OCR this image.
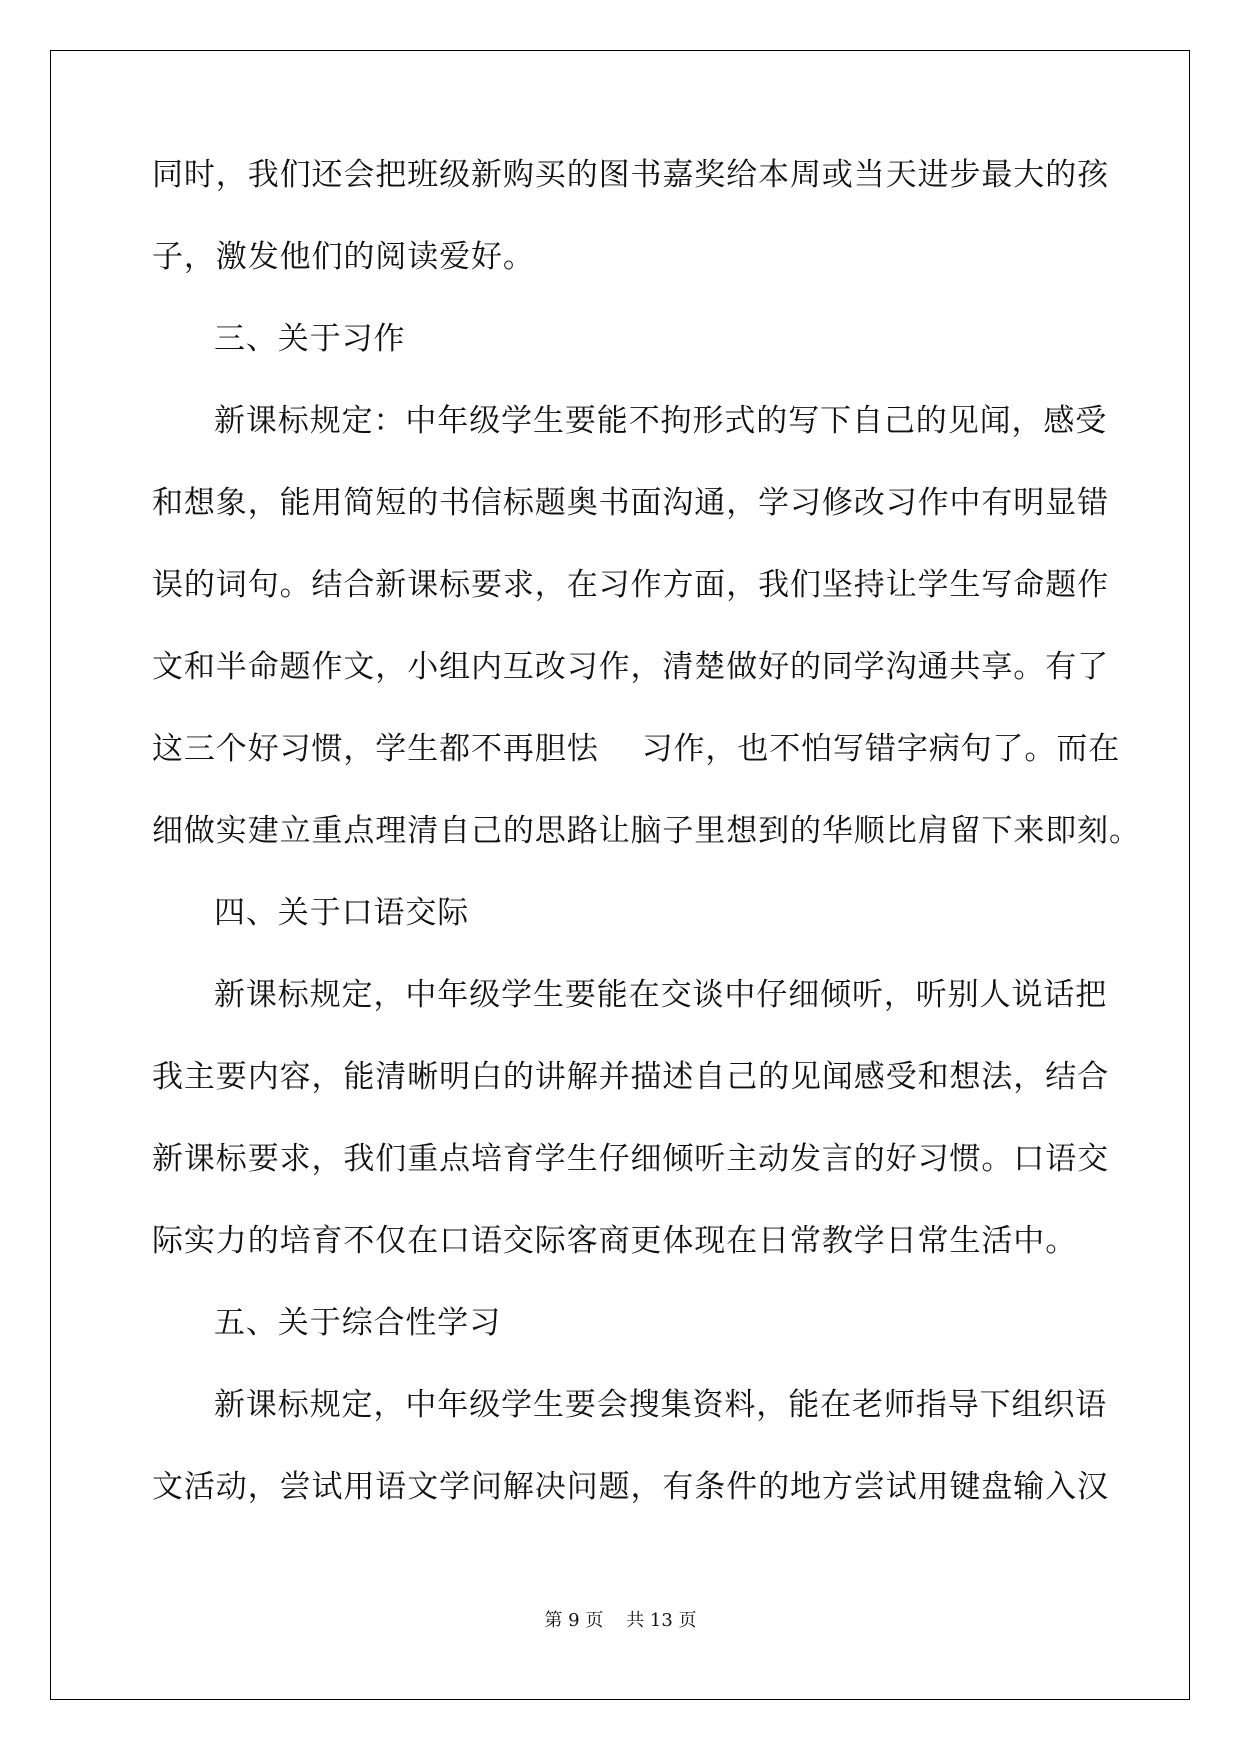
同时，我们还会把班级新购买的图书嘉奖给本周或当天进步最大的孩
子，激发他们的阅读爱好。
三、关于习作
新课标规定：中年级学生要能不拘形式的写下自己的见闻，感受
和想象，能用简短的书信标题奥书面沟通，学习修改习作中有明显错
误的词句。结合新课标要求，在习作方面，我们坚持让学生写命题作
文和半命题作文，小组内互改习作，清楚做好的同学沟通共享。有了
这三个好习惯，学生都不再胆怯    习作，也不怕写错字病句了。而在
细做实建立重点理清自己的思路让脑子里想到的华顺比肩留下来即刻。
四、关于口语交际
新课标规定，中年级学生要能在交谈中仔细倾听，听别人说话把
我主要内容，能清晰明白的讲解并描述自己的见闻感受和想法，结合
新课标要求，我们重点培育学生仔细倾听主动发言的好习惯。口语交
际实力的培育不仅在口语交际客商更体现在日常教学日常生活中。
五、关于综合性学习
新课标规定，中年级学生要会搜集资料，能在老师指导下组织语
文活动，尝试用语文学问解决问题，有条件的地方尝试用键盘输入汉
第 9 页    共 13 页
